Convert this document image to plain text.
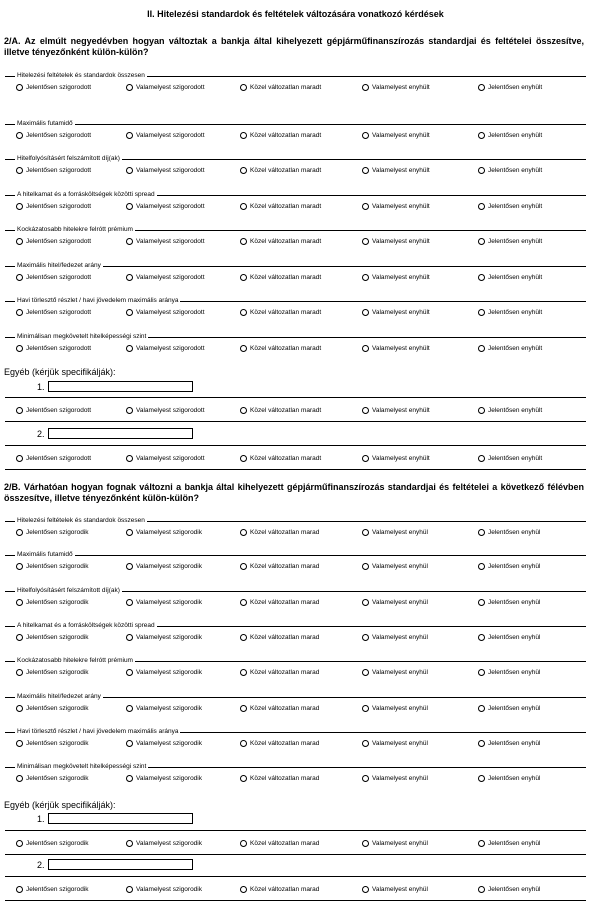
II. Hitelezési standardok és feltételek változására vonatkozó kérdések
2/A. Az elmúlt negyedévben hogyan változtak a bankja által kihelyezett gépjárműfinanszírozás standardjai és feltételei összesítve, illetve tényezőnként külön-külön?
Hitelezési feltételek és standardok összesen
Jelentősen szigorodott	Valamelyest szigorodott	Közel változatlan maradt	Valamelyest enyhült	Jelentősen enyhült
Maximális futamidő
Jelentősen szigorodott	Valamelyest szigorodott	Közel változatlan maradt	Valamelyest enyhült	Jelentősen enyhült
Hitelfolyósításért felszámított díj(ak)
Jelentősen szigorodott	Valamelyest szigorodott	Közel változatlan maradt	Valamelyest enyhült	Jelentősen enyhült
A hitelkamat és a forrásköltségek közötti spread
Jelentősen szigorodott	Valamelyest szigorodott	Közel változatlan maradt	Valamelyest enyhült	Jelentősen enyhült
Kockázatosabb hitelekre felrótt prémium
Jelentősen szigorodott	Valamelyest szigorodott	Közel változatlan maradt	Valamelyest enyhült	Jelentősen enyhült
Maximális hitel/fedezet arány
Jelentősen szigorodott	Valamelyest szigorodott	Közel változatlan maradt	Valamelyest enyhült	Jelentősen enyhült
Havi törlesztő részlet / havi jövedelem maximális aránya
Jelentősen szigorodott	Valamelyest szigorodott	Közel változatlan maradt	Valamelyest enyhült	Jelentősen enyhült
Minimálisan megkövetelt hitelképességi szint
Jelentősen szigorodott	Valamelyest szigorodott	Közel változatlan maradt	Valamelyest enyhült	Jelentősen enyhült
Egyéb (kérjük specifikálják):
1.
Jelentősen szigorodott	Valamelyest szigorodott	Közel változatlan maradt	Valamelyest enyhült	Jelentősen enyhült
2.
Jelentősen szigorodott	Valamelyest szigorodott	Közel változatlan maradt	Valamelyest enyhült	Jelentősen enyhült
2/B. Várhatóan hogyan fognak változni a bankja által kihelyezett gépjárműfinanszírozás standardjai és feltételei a következő félévben összesítve, illetve tényezőnként külön-külön?
Hitelezési feltételek és standardok összesen
Jelentősen szigorodik	Valamelyest szigorodik	Közel változatlan marad	Valamelyest enyhül	Jelentősen enyhül
Maximális futamidő
Jelentősen szigorodik	Valamelyest szigorodik	Közel változatlan marad	Valamelyest enyhül	Jelentősen enyhül
Hitelfolyósításért felszámított díj(ak)
Jelentősen szigorodik	Valamelyest szigorodik	Közel változatlan marad	Valamelyest enyhül	Jelentősen enyhül
A hitelkamat és a forrásköltségek közötti spread
Jelentősen szigorodik	Valamelyest szigorodik	Közel változatlan marad	Valamelyest enyhül	Jelentősen enyhül
Kockázatosabb hitelekre felrótt prémium
Jelentősen szigorodik	Valamelyest szigorodik	Közel változatlan marad	Valamelyest enyhül	Jelentősen enyhül
Maximális hitel/fedezet arány
Jelentősen szigorodik	Valamelyest szigorodik	Közel változatlan marad	Valamelyest enyhül	Jelentősen enyhül
Havi törlesztő részlet / havi jövedelem maximális aránya
Jelentősen szigorodik	Valamelyest szigorodik	Közel változatlan marad	Valamelyest enyhül	Jelentősen enyhül
Minimálisan megkövetelt hitelképességi szint
Jelentősen szigorodik	Valamelyest szigorodik	Közel változatlan marad	Valamelyest enyhül	Jelentősen enyhül
Egyéb (kérjük specifikálják):
1.
Jelentősen szigorodik	Valamelyest szigorodik	Közel változatlan marad	Valamelyest enyhül	Jelentősen enyhül
2.
Jelentősen szigorodik	Valamelyest szigorodik	Közel változatlan marad	Valamelyest enyhül	Jelentősen enyhül
